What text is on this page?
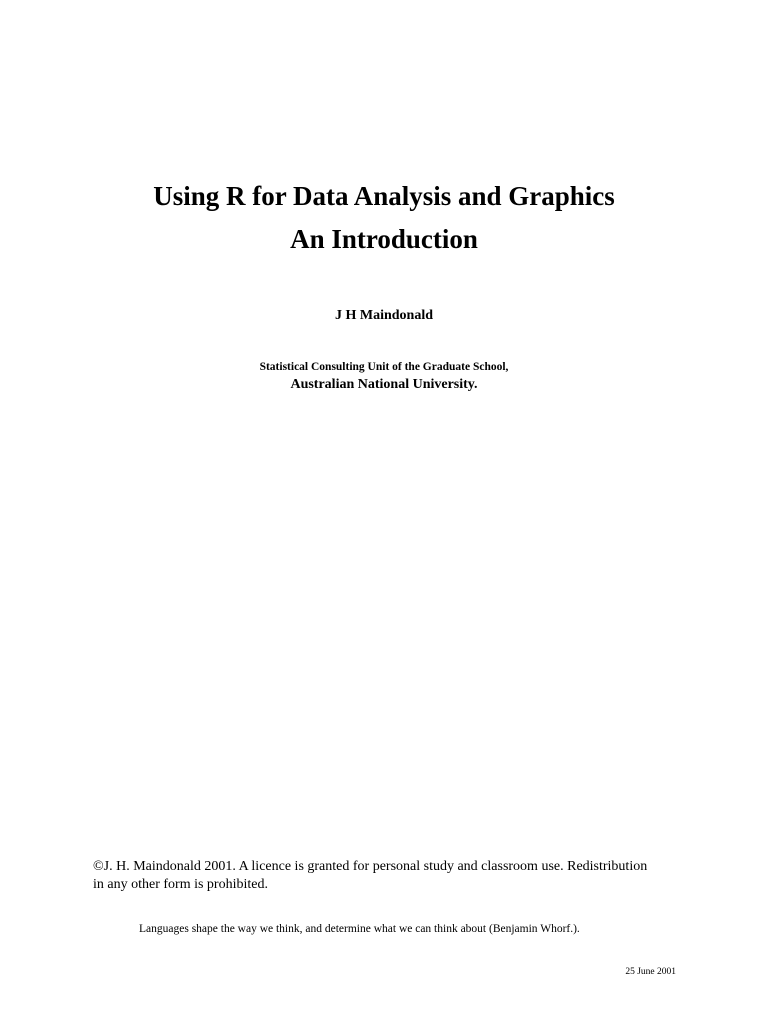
Using R for Data Analysis and Graphics
An Introduction
J H Maindonald
Statistical Consulting Unit of the Graduate School,
Australian National University.
©J. H. Maindonald 2001. A licence is granted for personal study and classroom use. Redistribution
in any other form is prohibited.
Languages shape the way we think, and determine what we can think about (Benjamin Whorf.).
25 June 2001
